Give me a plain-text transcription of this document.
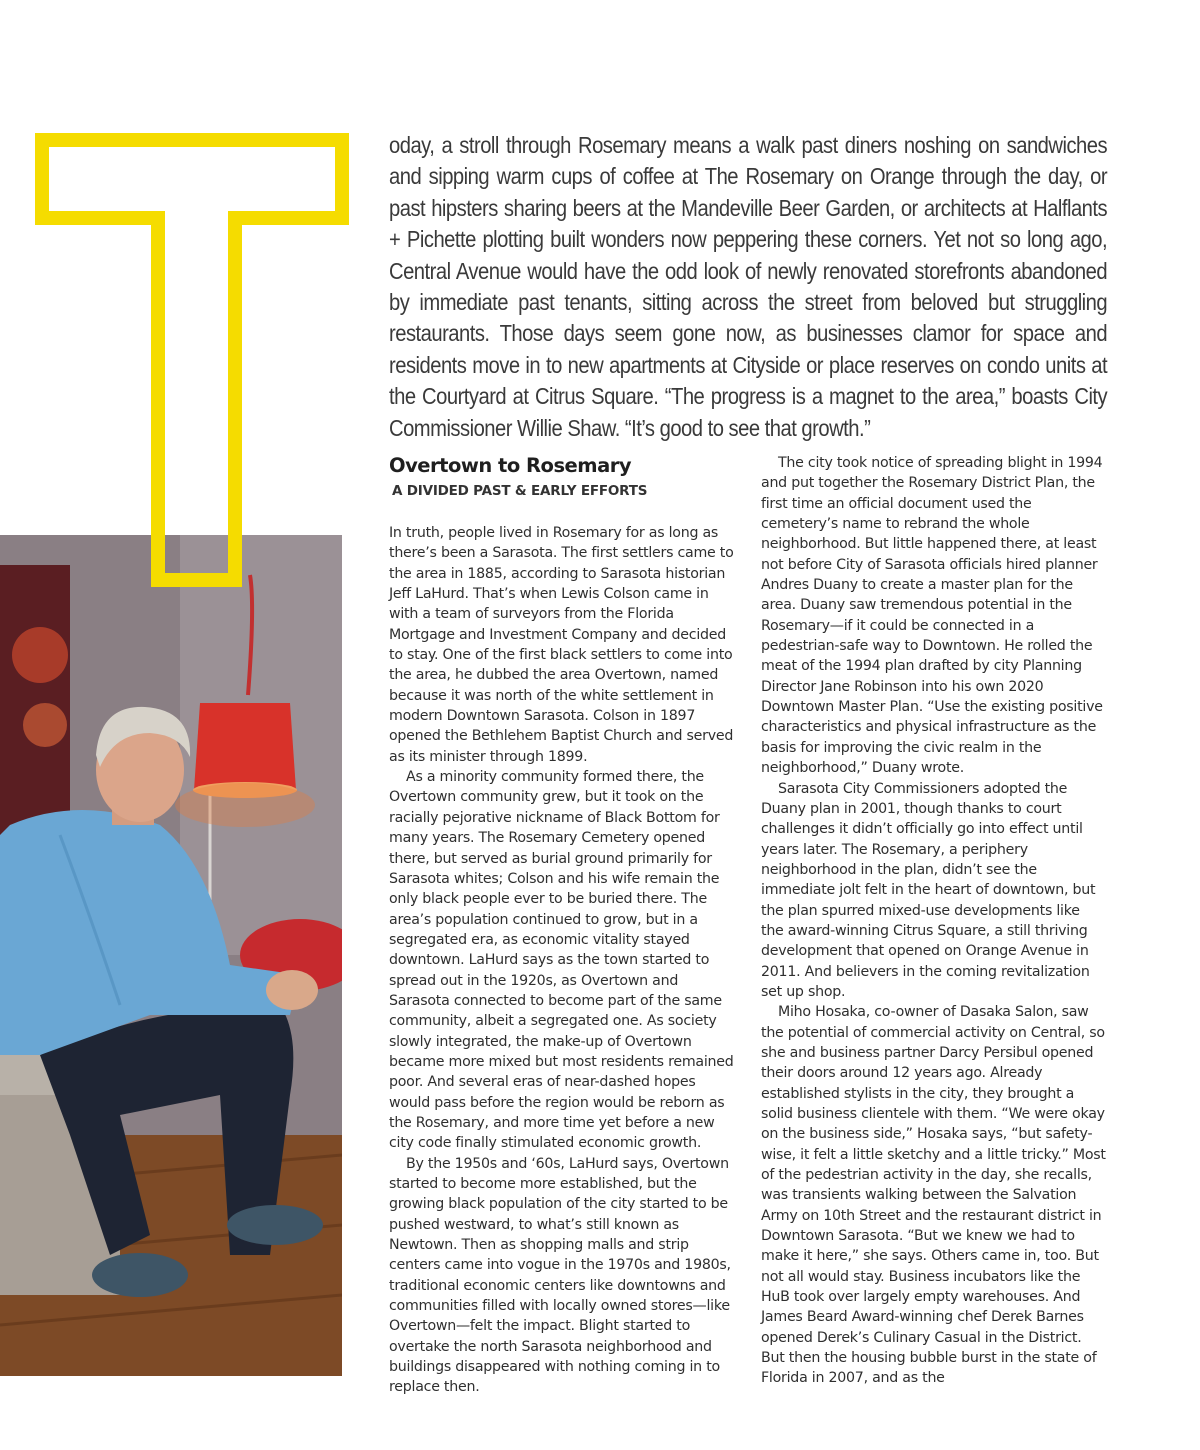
oday, a stroll through Rosemary means a walk past diners noshing on sandwiches and sipping warm cups of coffee at The Rosemary on Orange through the day, or past hipsters sharing beers at the Mandeville Beer Garden, or architects at Halflants + Pichette plotting built wonders now peppering these corners. Yet not so long ago, Central Avenue would have the odd look of newly renovated storefronts abandoned by immediate past tenants, sitting across the street from beloved but struggling restaurants. Those days seem gone now, as businesses clamor for space and residents move in to new apartments at Cityside or place reserves on condo units at the Courtyard at Citrus Square. “The progress is a magnet to the area,” boasts City Commissioner Willie Shaw. “It’s good to see that growth.”

Overtown to Rosemary
A DIVIDED PAST & EARLY EFFORTS

In truth, people lived in Rosemary for as long as there’s been a Sarasota. The first settlers came to the area in 1885, according to Sarasota historian Jeff LaHurd. That’s when Lewis Colson came in with a team of surveyors from the Florida Mortgage and Investment Company and decided to stay. One of the first black settlers to come into the area, he dubbed the area Overtown, named because it was north of the white settlement in modern Downtown Sarasota. Colson in 1897 opened the Bethlehem Baptist Church and served as its minister through 1899.

As a minority community formed there, the Overtown community grew, but it took on the racially pejorative nickname of Black Bottom for many years. The Rosemary Cemetery opened there, but served as burial ground primarily for Sarasota whites; Colson and his wife remain the only black people ever to be buried there. The area’s population continued to grow, but in a segregated era, as economic vitality stayed downtown. LaHurd says as the town started to spread out in the 1920s, as Overtown and Sarasota connected to become part of the same community, albeit a segregated one. As society slowly integrated, the make-up of Overtown became more mixed but most residents remained poor. And several eras of near-dashed hopes would pass before the region would be reborn as the Rosemary, and more time yet before a new city code finally stimulated economic growth.

By the 1950s and ‘60s, LaHurd says, Overtown started to become more established, but the growing black population of the city started to be pushed westward, to what’s still known as Newtown. Then as shopping malls and strip centers came into vogue in the 1970s and 1980s, traditional economic centers like downtowns and communities filled with locally owned stores—like Overtown—felt the impact. Blight started to overtake the north Sarasota neighborhood and buildings disappeared with nothing coming in to replace then.

The city took notice of spreading blight in 1994 and put together the Rosemary District Plan, the first time an official document used the cemetery’s name to rebrand the whole neighborhood. But little happened there, at least not before City of Sarasota officials hired planner Andres Duany to create a master plan for the area. Duany saw tremendous potential in the Rosemary—if it could be connected in a pedestrian-safe way to Downtown. He rolled the meat of the 1994 plan drafted by city Planning Director Jane Robinson into his own 2020 Downtown Master Plan. “Use the existing positive characteristics and physical infrastructure as the basis for improving the civic realm in the neighborhood,” Duany wrote.

Sarasota City Commissioners adopted the Duany plan in 2001, though thanks to court challenges it didn’t officially go into effect until years later. The Rosemary, a periphery neighborhood in the plan, didn’t see the immediate jolt felt in the heart of downtown, but the plan spurred mixed-use developments like the award-winning Citrus Square, a still thriving development that opened on Orange Avenue in 2011. And believers in the coming revitalization set up shop.

Miho Hosaka, co-owner of Dasaka Salon, saw the potential of commercial activity on Central, so she and business partner Darcy Persibul opened their doors around 12 years ago. Already established stylists in the city, they brought a solid business clientele with them. “We were okay on the business side,” Hosaka says, “but safety-wise, it felt a little sketchy and a little tricky.” Most of the pedestrian activity in the day, she recalls, was transients walking between the Salvation Army on 10th Street and the restaurant district in Downtown Sarasota. “But we knew we had to make it here,” she says. Others came in, too. But not all would stay. Business incubators like the HuB took over largely empty warehouses. And James Beard Award-winning chef Derek Barnes opened Derek’s Culinary Casual in the District. But then the housing bubble burst in the state of Florida in 2007, and as the
